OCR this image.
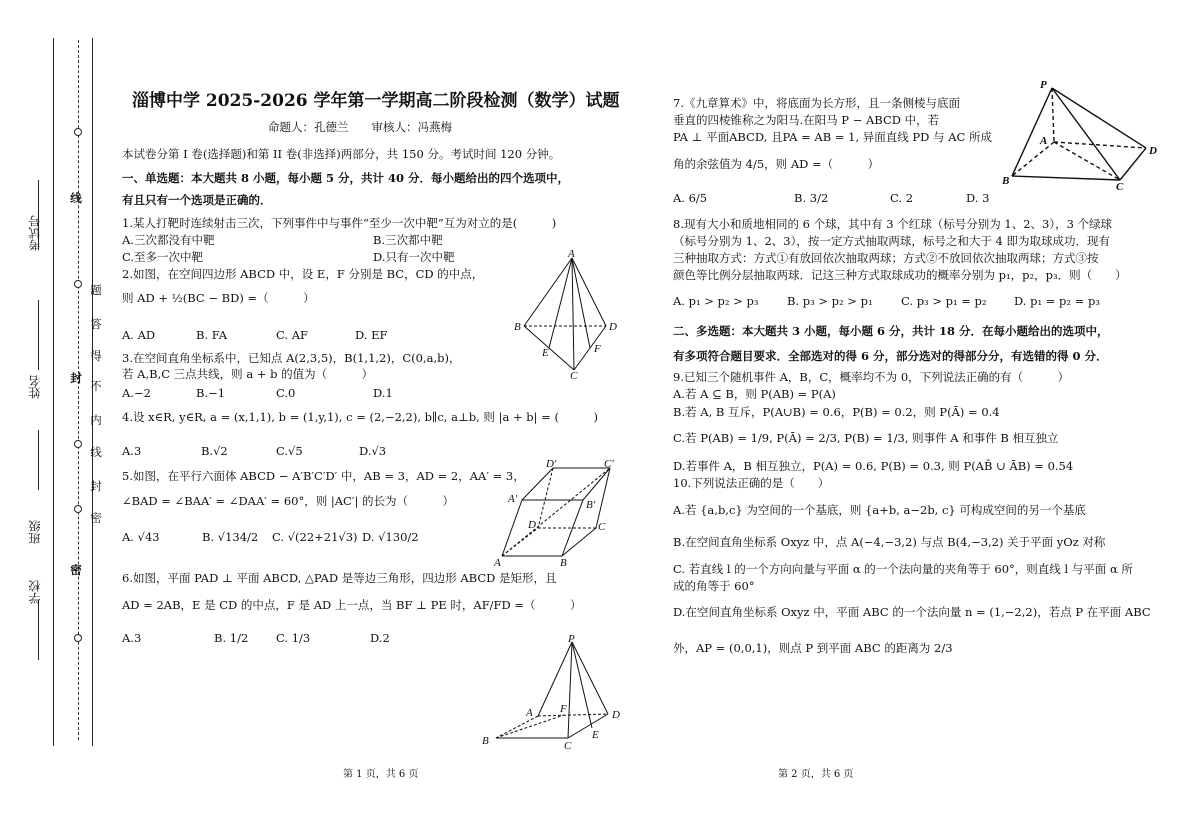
考试号
姓名
班级
学校
线
封
密
题
答
得
不
内
线
封
密
淄博中学 2025-2026 学年第一学期高二阶段检测（数学）试题
命题人：孔德兰　　审核人：冯燕梅
本试卷分第 I 卷(选择题)和第 II 卷(非选择)两部分，共 150 分。考试时间 120 分钟。
一、单选题：本大题共 8 小题，每小题 5 分，共计 40 分．每小题给出的四个选项中，
有且只有一个选项是正确的．
1.某人打靶时连续射击三次，下列事件中与事件“至少一次中靶”互为对立的是(　　　)
A.三次都没有中靶	B.三次都中靶
C.至多一次中靶	D.只有一次中靶
2.如图，在空间四边形 ABCD 中，设 E，F 分别是 BC，CD 的中点，
则 AD + ½(BC − BD) =（　　　）
A. AD	B. FA	C. AF	D. EF
3.在空间直角坐标系中，已知点 A(2,3,5)，B(1,1,2)，C(0,a,b)，
若 A,B,C 三点共线，则 a + b 的值为（　　　）
A.−2	B.−1	C.0	D.1
4.设 x∈R, y∈R, a = (x,1,1), b = (1,y,1), c = (2,−2,2), b∥c, a⊥b, 则 |a + b| = (　　　)
A.3	B.√2	C.√5	D.√3
5.如图，在平行六面体 ABCD − A′B′C′D′ 中，AB = 3，AD = 2，AA′ = 3，
∠BAD = ∠BAA′ = ∠DAA′ = 60°，则 |AC′| 的长为（　　　）
A. √43	B. √134/2 C. √(22+21√3) D. √130/2
6.如图，平面 PAD ⊥ 平面 ABCD, △PAD 是等边三角形，四边形 ABCD 是矩形，且
AD = 2AB，E 是 CD 的中点，F 是 AD 上一点，当 BF ⊥ PE 时，AF/FD =（　　　）
A.3	B. 1/2 C. 1/3	D.2
第 1 页，共 6 页
A
B	D
E	F
C
D′	C′
A′	B′
D	C
A	B
P
A F	D
B	C
E
7.《九章算术》中，将底面为长方形，且一条侧棱与底面
垂直的四棱锥称之为阳马.在阳马 P − ABCD 中，若
PA ⊥ 平面ABCD, 且PA = AB = 1, 异面直线 PD 与 AC 所成
角的余弦值为 4/5，则 AD =（　　　）
A. 6/5	B. 3/2	C. 2	D. 3
8.现有大小和质地相同的 6 个球，其中有 3 个红球（标号分别为 1、2、3），3 个绿球
（标号分别为 1、2、3），按一定方式抽取两球，标号之和大于 4 即为取球成功．现有
三种抽取方式：方式①有放回依次抽取两球；方式②不放回依次抽取两球；方式③按
颜色等比例分层抽取两球．记这三种方式取球成功的概率分别为 p₁，p₂，p₃．则（　　）
A. p₁ > p₂ > p₃ B. p₃ > p₂ > p₁ C. p₃ > p₁ = p₂ D. p₁ = p₂ = p₃
二、多选题：本大题共 3 小题，每小题 6 分，共计 18 分．在每小题给出的选项中，
有多项符合题目要求．全部选对的得 6 分，部分选对的得部分分，有选错的得 0 分．
9.已知三个随机事件 A，B，C，概率均不为 0，下列说法正确的有（　　　）
A.若 A ⊆ B，则 P(AB) = P(A)
B.若 A, B 互斥，P(A∪B) = 0.6，P(B) = 0.2，则 P(Ā) = 0.4
C.若 P(AB) = 1/9, P(Ā) = 2/3, P(B) = 1/3, 则事件 A 和事件 B 相互独立
D.若事件 A，B 相互独立，P(A) = 0.6, P(B) = 0.3, 则 P(AB̄ ∪ ĀB) = 0.54
10.下列说法正确的是（　　）
A.若 {a,b,c} 为空间的一个基底，则 {a+b, a−2b, c} 可构成空间的另一个基底
B.在空间直角坐标系 Oxyz 中，点 A(−4,−3,2) 与点 B(4,−3,2) 关于平面 yOz 对称
C. 若直线 l 的一个方向向量与平面 α 的一个法向量的夹角等于 60°，则直线 l 与平面 α 所
成的角等于 60°
D.在空间直角坐标系 Oxyz 中，平面 ABC 的一个法向量 n = (1,−2,2)，若点 P 在平面 ABC
外，AP = (0,0,1)，则点 P 到平面 ABC 的距离为 2/3
第 2 页，共 6 页
P
A
D
B	C
